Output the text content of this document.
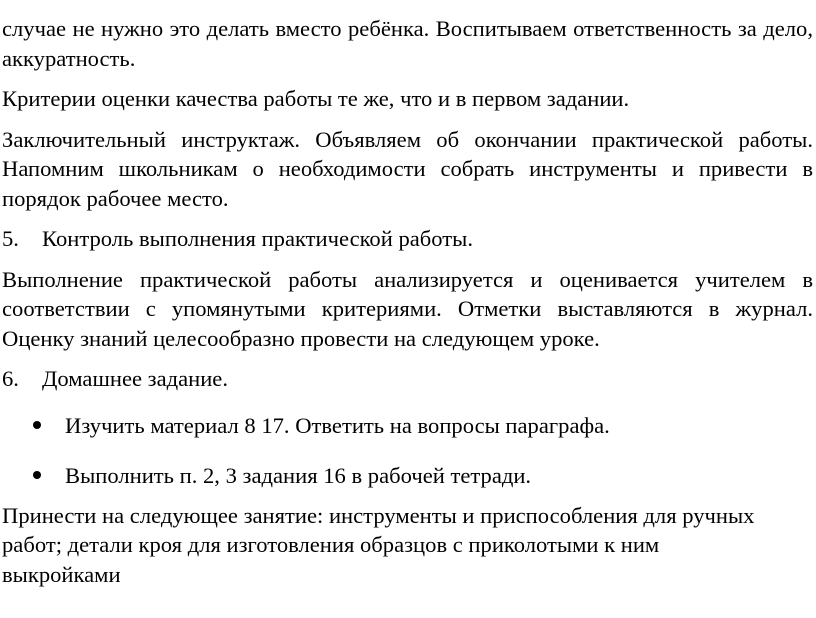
случае не нужно это делать вместо ребёнка. Воспитываем ответственность за дело, аккуратность.

Критерии оценки качества работы те же, что и в первом задании.

Заключительный инструктаж. Объявляем об окончании практической работы. Напомним школьникам о необходимости собрать инструменты и привести в порядок рабочее место.

5.	Контроль выполнения практической работы.

Выполнение практической работы анализируется и оценивается учителем в соответствии с упомянутыми критериями. Отметки выставляются в журнал. Оценку знаний целесообразно провести на следующем уроке.

6.	Домашнее задание.

Изучить материал 8 17. Ответить на вопросы параграфа.
Выполнить п. 2, 3 задания 16 в рабочей тетради.

Принести на следующее занятие: инструменты и приспособления для ручных
работ; детали кроя для изготовления образцов с приколотыми к ним
выкройками
